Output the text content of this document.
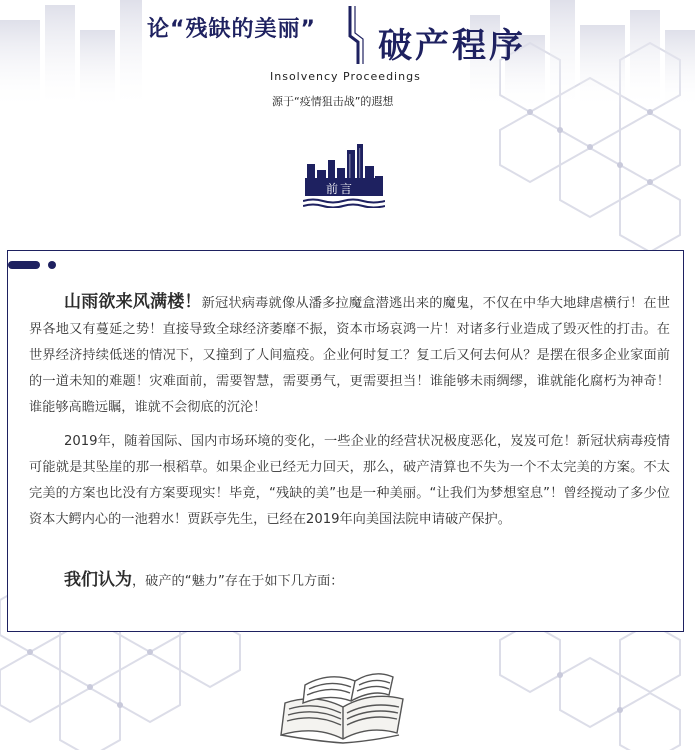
论“残缺的美丽” 破产程序
Insolvency Proceedings
源于“疫情狙击战”的遐想
前言

山雨欲来风满楼！新冠状病毒就像从潘多拉魔盒潜逃出来的魔鬼，不仅在中华大地肆虐横行！在世界各地又有蔓延之势！直接导致全球经济萎靡不振，资本市场哀鸿一片！对诸多行业造成了毁灭性的打击。在世界经济持续低迷的情况下，又撞到了人间瘟疫。企业何时复工？复工后又何去何从？是摆在很多企业家面前的一道未知的难题！灾难面前，需要智慧，需要勇气，更需要担当！谁能够未雨绸缪，谁就能化腐朽为神奇！谁能够高瞻远瞩，谁就不会彻底的沉沦！

2019年，随着国际、国内市场环境的变化，一些企业的经营状况极度恶化，岌岌可危！新冠状病毒疫情可能就是其坠崖的那一根稻草。如果企业已经无力回天，那么，破产清算也不失为一个不太完美的方案。不太完美的方案也比没有方案要现实！毕竟，“残缺的美”也是一种美丽。“让我们为梦想窒息”！曾经搅动了多少位资本大鳄内心的一池碧水！贾跃亭先生，已经在2019年向美国法院申请破产保护。

我们认为，破产的“魅力”存在于如下几方面：
